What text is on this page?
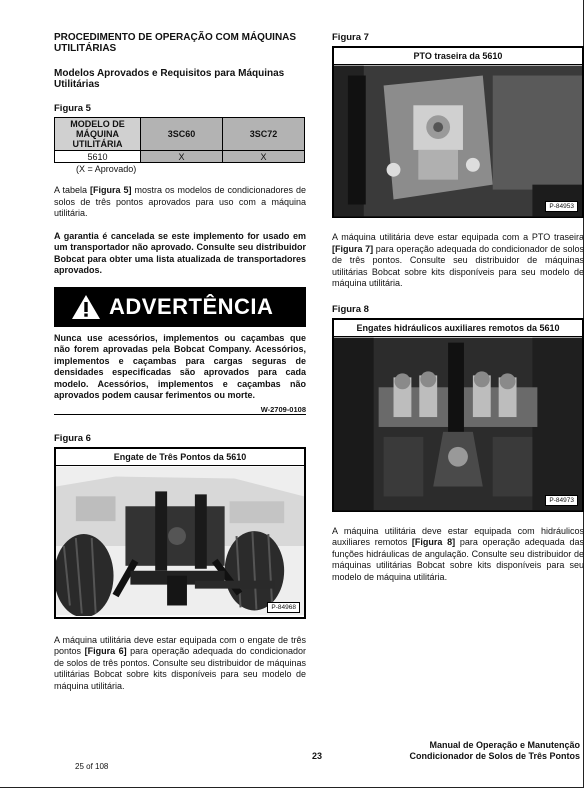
PROCEDIMENTO DE OPERAÇÃO COM MÁQUINAS UTILITÁRIAS
Modelos Aprovados e Requisitos para Máquinas Utilitárias
Figura 5
MODELO DE MÁQUINA UTILITÁRIA	3SC60	3SC72
5610	X	X
(X = Aprovado)

A tabela [Figura 5] mostra os modelos de condicionadores de solos de três pontos aprovados para uso com a máquina utilitária.

A garantia é cancelada se este implemento for usado em um transportador não aprovado. Consulte seu distribuidor Bobcat para obter uma lista atualizada de transportadores aprovados.

ADVERTÊNCIA
Nunca use acessórios, implementos ou caçambas que não forem aprovadas pela Bobcat Company. Acessórios, implementos e caçambas para cargas seguras de densidades especificadas são aprovados para cada modelo. Acessórios, implementos e caçambas não aprovados podem causar ferimentos ou morte.
W-2709-0108
Figura 6
Engate de Três Pontos da 5610
P-84968

A máquina utilitária deve estar equipada com o engate de três pontos [Figura 6] para operação adequada do condicionador de solos de três pontos. Consulte seu distribuidor de máquinas utilitárias Bobcat sobre kits disponíveis para seu modelo de máquina utilitária.

Figura 7
PTO traseira da 5610
P-84953

A máquina utilitária deve estar equipada com a PTO traseira [Figura 7] para operação adequada do condicionador de solos de três pontos. Consulte seu distribuidor de máquinas utilitárias Bobcat sobre kits disponíveis para seu modelo de máquina utilitária.

Figura 8
Engates hidráulicos auxiliares remotos da 5610
P-84973

A máquina utilitária deve estar equipada com hidráulicos auxiliares remotos [Figura 8] para operação adequada das funções hidráulicas de angulação. Consulte seu distribuidor de máquinas utilitárias Bobcat sobre kits disponíveis para seu modelo de máquina utilitária.

Manual de Operação e Manutenção
Condicionador de Solos de Três Pontos
23
25 of 108
